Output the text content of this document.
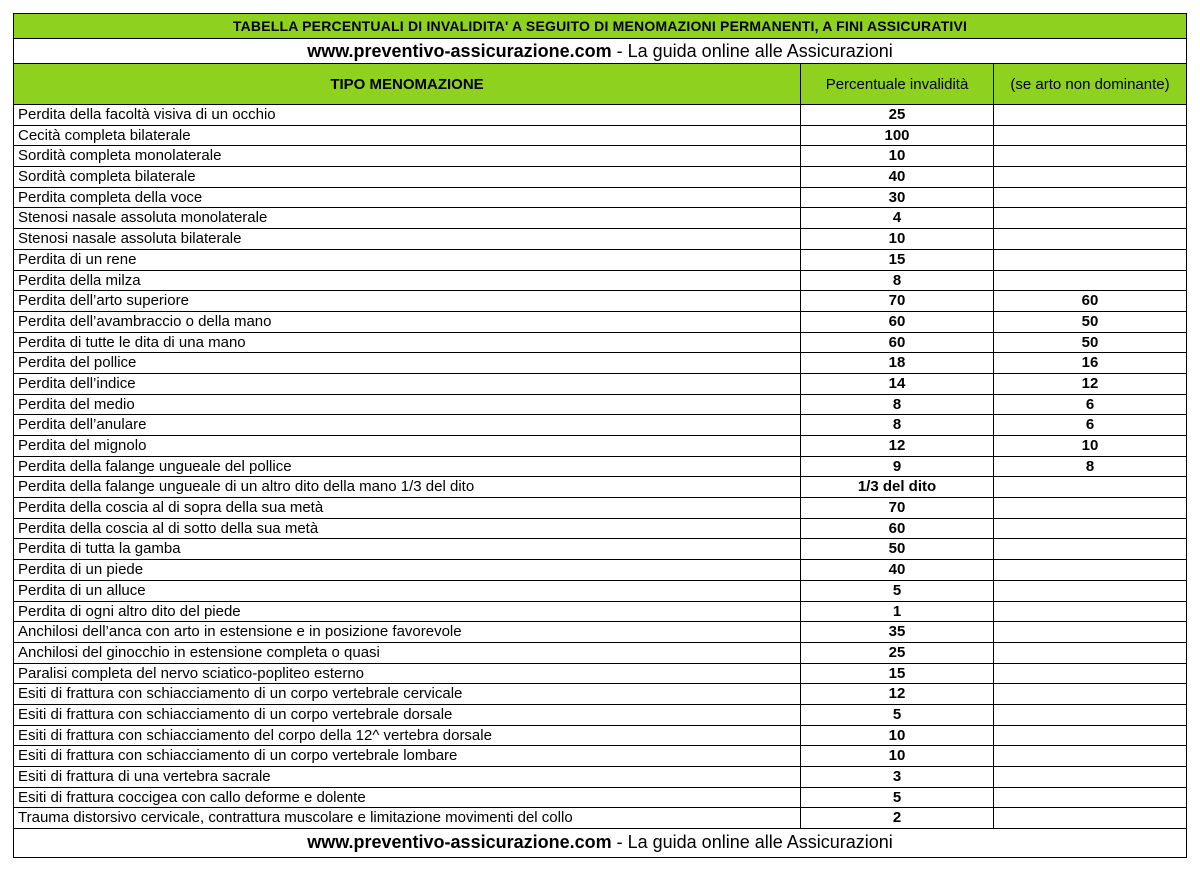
TABELLA PERCENTUALI DI INVALIDITA' A SEGUITO DI MENOMAZIONI PERMANENTI, A FINI ASSICURATIVI
www.preventivo-assicurazione.com - La guida online alle Assicurazioni
TIPO MENOMAZIONE	Percentuale invalidità	(se arto non dominante)
Perdita della facoltà visiva di un occhio	25
Cecità completa bilaterale	100
Sordità completa monolaterale	10
Sordità completa bilaterale	40
Perdita completa della voce	30
Stenosi nasale assoluta monolaterale	4
Stenosi nasale assoluta bilaterale	10
Perdita di un rene	15
Perdita della milza	8
Perdita dell’arto superiore	70	60
Perdita dell’avambraccio o della mano	60	50
Perdita di tutte le dita di una mano	60	50
Perdita del pollice	18	16
Perdita dell’indice	14	12
Perdita del medio	8	6
Perdita dell’anulare	8	6
Perdita del mignolo	12	10
Perdita della falange ungueale del pollice	9	8
Perdita della falange ungueale di un altro dito della mano 1/3 del dito	1/3 del dito
Perdita della coscia al di sopra della sua metà	70
Perdita della coscia al di sotto della sua metà	60
Perdita di tutta la gamba	50
Perdita di un piede	40
Perdita di un alluce	5
Perdita di ogni altro dito del piede	1
Anchilosi dell’anca con arto in estensione e in posizione favorevole	35
Anchilosi del ginocchio in estensione completa o quasi	25
Paralisi completa del nervo sciatico-popliteo esterno	15
Esiti di frattura con schiacciamento di un corpo vertebrale cervicale	12
Esiti di frattura con schiacciamento di un corpo vertebrale dorsale	5
Esiti di frattura con schiacciamento del corpo della 12^ vertebra dorsale	10
Esiti di frattura con schiacciamento di un corpo vertebrale lombare	10
Esiti di frattura di una vertebra sacrale	3
Esiti di frattura coccigea con callo deforme e dolente	5
Trauma distorsivo cervicale, contrattura muscolare e limitazione movimenti del collo	2
www.preventivo-assicurazione.com - La guida online alle Assicurazioni
